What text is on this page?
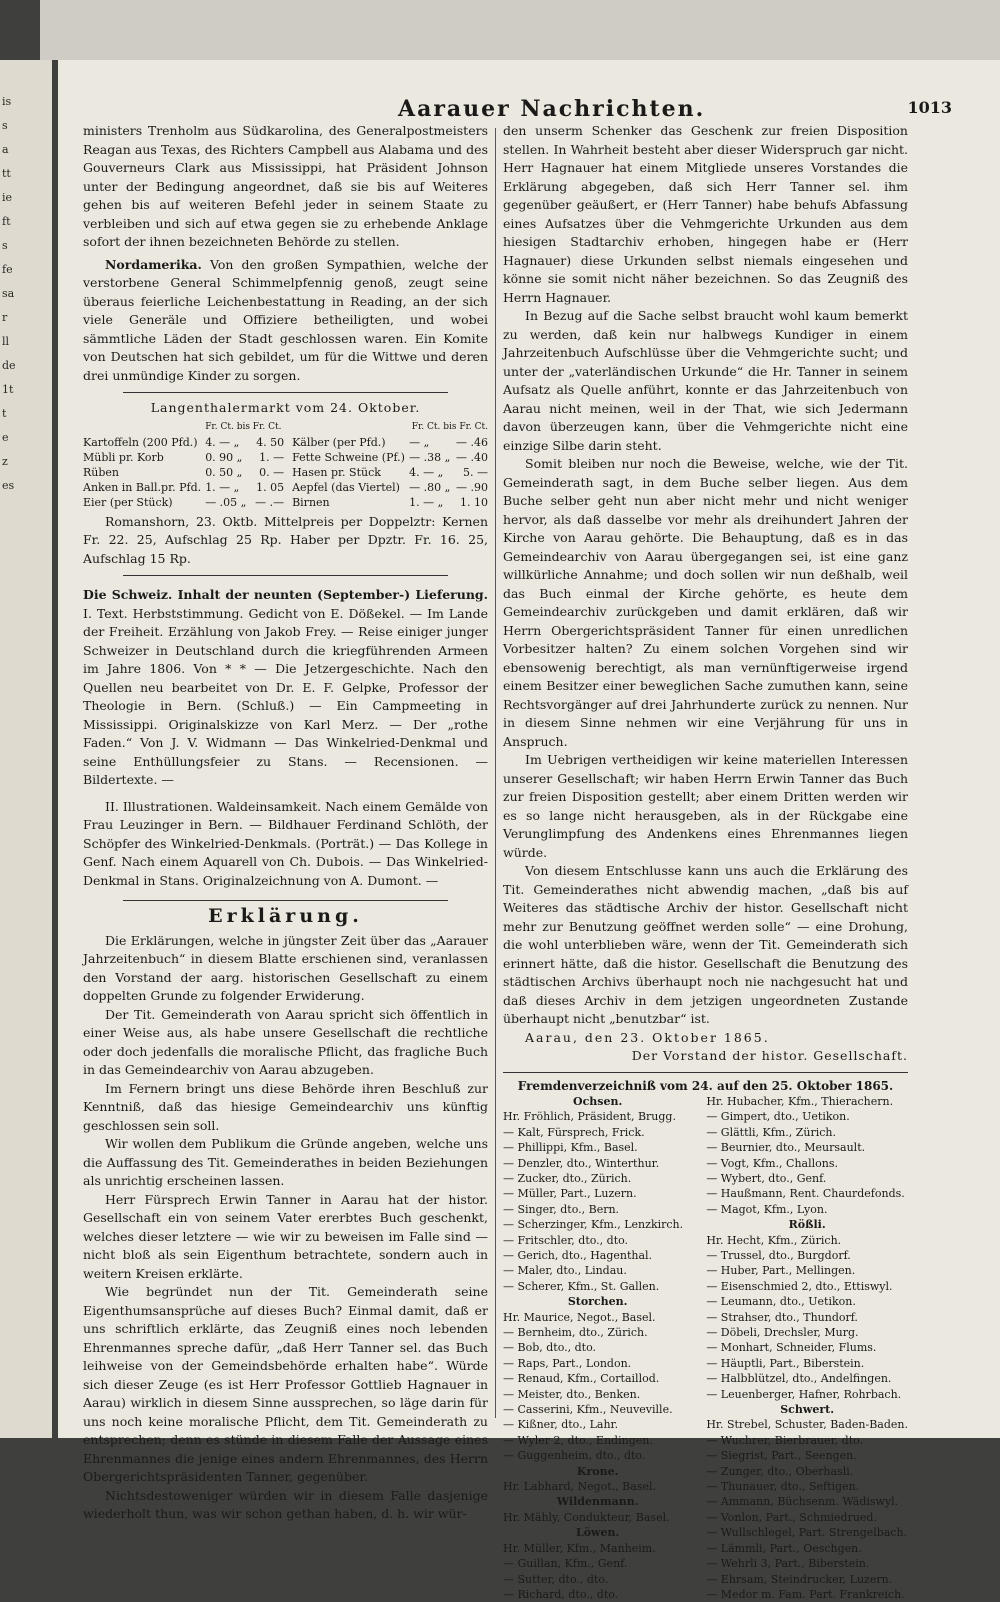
is
s
a
tt
ie
ft
s
fe
sa
r
ll
de
1t
t
e
z
es
Aarauer Nachrichten.	1013

ministers Trenholm aus Südkarolina, des Generalpostmeisters Reagan aus Texas, des Richters Campbell aus Alabama und des Gouverneurs Clark aus Mississippi, hat Präsident Johnson unter der Bedingung angeordnet, daß sie bis auf Weiteres gehen bis auf weiteren Befehl jeder in seinem Staate zu verbleiben und sich auf etwa gegen sie zu erhebende Anklage sofort der ihnen bezeichneten Behörde zu stellen.

Nordamerika. Von den großen Sympathien, welche der verstorbene General Schimmelpfennig genoß, zeugt seine überaus feierliche Leichenbestattung in Reading, an der sich viele Generäle und Offiziere betheiligten, und wobei sämmtliche Läden der Stadt geschlossen waren. Ein Komite von Deutschen hat sich gebildet, um für die Wittwe und deren drei unmündige Kinder zu sorgen.

Langenthalermarkt vom 24. Oktober.
	Fr. Ct. bis Fr. Ct.			Fr. Ct. bis Fr. Ct.	
Kartoffeln (200 Pfd.)	4. — „	4. 50	Kälber (per Pfd.)	— „	— .46
Mübli pr. Korb	0. 90 „	1. —	Fette Schweine (Pf.)	— .38 „	— .40
Rüben	0. 50 „	0. —	Hasen pr. Stück	4. — „	5. —
Anken in Ball.pr. Pfd.	1. — „	1. 05	Aepfel (das Viertel)	— .80 „	— .90
Eier (per Stück)	— .05 „	— .—	Birnen	1. — „	1. 10

Romanshorn, 23. Oktb. Mittelpreis per Doppelztr: Kernen Fr. 22. 25, Aufschlag 25 Rp. Haber per Dpztr. Fr. 16. 25, Aufschlag 15 Rp.

Die Schweiz. Inhalt der neunten (September-) Lieferung. I. Text. Herbststimmung. Gedicht von E. Dößekel. — Im Lande der Freiheit. Erzählung von Jakob Frey. — Reise einiger junger Schweizer in Deutschland durch die kriegführenden Armeen im Jahre 1806. Von * * — Die Jetzergeschichte. Nach den Quellen neu bearbeitet von Dr. E. F. Gelpke, Professor der Theologie in Bern. (Schluß.) — Ein Campmeeting in Mississippi. Originalskizze von Karl Merz. — Der „rothe Faden.“ Von J. V. Widmann — Das Winkelried-Denkmal und seine Enthüllungsfeier zu Stans. — Recensionen. — Bildertexte. —

II. Illustrationen. Waldeinsamkeit. Nach einem Gemälde von Frau Leuzinger in Bern. — Bildhauer Ferdinand Schlöth, der Schöpfer des Winkelried-Denkmals. (Porträt.) — Das Kollege in Genf. Nach einem Aquarell von Ch. Dubois. — Das Winkelried-Denkmal in Stans. Originalzeichnung von A. Dumont. —

Erklärung.

Die Erklärungen, welche in jüngster Zeit über das „Aarauer Jahrzeitenbuch“ in diesem Blatte erschienen sind, veranlassen den Vorstand der aarg. historischen Gesellschaft zu einem doppelten Grunde zu folgender Erwiderung.

Der Tit. Gemeinderath von Aarau spricht sich öffentlich in einer Weise aus, als habe unsere Gesellschaft die rechtliche oder doch jedenfalls die moralische Pflicht, das fragliche Buch in das Gemeindearchiv von Aarau abzugeben.

Im Fernern bringt uns diese Behörde ihren Beschluß zur Kenntniß, daß das hiesige Gemeindearchiv uns künftig geschlossen sein soll.

Wir wollen dem Publikum die Gründe angeben, welche uns die Auffassung des Tit. Gemeinderathes in beiden Beziehungen als unrichtig erscheinen lassen.

Herr Fürsprech Erwin Tanner in Aarau hat der histor. Gesellschaft ein von seinem Vater ererbtes Buch geschenkt, welches dieser letztere — wie wir zu beweisen im Falle sind — nicht bloß als sein Eigenthum betrachtete, sondern auch in weitern Kreisen erklärte.

Wie begründet nun der Tit. Gemeinderath seine Eigenthumsansprüche auf dieses Buch? Einmal damit, daß er uns schriftlich erklärte, das Zeugniß eines noch lebenden Ehrenmannes spreche dafür, „daß Herr Tanner sel. das Buch leihweise von der Gemeindsbehörde erhalten habe“. Würde sich dieser Zeuge (es ist Herr Professor Gottlieb Hagnauer in Aarau) wirklich in diesem Sinne aussprechen, so läge darin für uns noch keine moralische Pflicht, dem Tit. Gemeinderath zu entsprechen; denn es stünde in diesem Falle der Aussage eines Ehrenmannes die jenige eines andern Ehrenmannes, des Herrn Obergerichtspräsidenten Tanner, gegenüber.

Nichtsdestoweniger würden wir in diesem Falle dasjenige wiederholt thun, was wir schon gethan haben, d. h. wir wür-

den unserm Schenker das Geschenk zur freien Disposition stellen. In Wahrheit besteht aber dieser Widerspruch gar nicht. Herr Hagnauer hat einem Mitgliede unseres Vorstandes die Erklärung abgegeben, daß sich Herr Tanner sel. ihm gegenüber geäußert, er (Herr Tanner) habe behufs Abfassung eines Aufsatzes über die Vehmgerichte Urkunden aus dem hiesigen Stadtarchiv erhoben, hingegen habe er (Herr Hagnauer) diese Urkunden selbst niemals eingesehen und könne sie somit nicht näher bezeichnen. So das Zeugniß des Herrn Hagnauer.

In Bezug auf die Sache selbst braucht wohl kaum bemerkt zu werden, daß kein nur halbwegs Kundiger in einem Jahrzeitenbuch Aufschlüsse über die Vehmgerichte sucht; und unter der „vaterländischen Urkunde“ die Hr. Tanner in seinem Aufsatz als Quelle anführt, konnte er das Jahrzeitenbuch von Aarau nicht meinen, weil in der That, wie sich Jedermann davon überzeugen kann, über die Vehmgerichte nicht eine einzige Silbe darin steht.

Somit bleiben nur noch die Beweise, welche, wie der Tit. Gemeinderath sagt, in dem Buche selber liegen. Aus dem Buche selber geht nun aber nicht mehr und nicht weniger hervor, als daß dasselbe vor mehr als dreihundert Jahren der Kirche von Aarau gehörte. Die Behauptung, daß es in das Gemeindearchiv von Aarau übergegangen sei, ist eine ganz willkürliche Annahme; und doch sollen wir nun deßhalb, weil das Buch einmal der Kirche gehörte, es heute dem Gemeindearchiv zurückgeben und damit erklären, daß wir Herrn Obergerichtspräsident Tanner für einen unredlichen Vorbesitzer halten? Zu einem solchen Vorgehen sind wir ebensowenig berechtigt, als man vernünftigerweise irgend einem Besitzer einer beweglichen Sache zumuthen kann, seine Rechtsvorgänger auf drei Jahrhunderte zurück zu nennen. Nur in diesem Sinne nehmen wir eine Verjährung für uns in Anspruch.

Im Uebrigen vertheidigen wir keine materiellen Interessen unserer Gesellschaft; wir haben Herrn Erwin Tanner das Buch zur freien Disposition gestellt; aber einem Dritten werden wir es so lange nicht herausgeben, als in der Rückgabe eine Verunglimpfung des Andenkens eines Ehrenmannes liegen würde.

Von diesem Entschlusse kann uns auch die Erklärung des Tit. Gemeinderathes nicht abwendig machen, „daß bis auf Weiteres das städtische Archiv der histor. Gesellschaft nicht mehr zur Benutzung geöffnet werden solle“ — eine Drohung, die wohl unterblieben wäre, wenn der Tit. Gemeinderath sich erinnert hätte, daß die histor. Gesellschaft die Benutzung des städtischen Archivs überhaupt noch nie nachgesucht hat und daß dieses Archiv in dem jetzigen ungeordneten Zustande überhaupt nicht „benutzbar“ ist.

Aarau, den 23. Oktober 1865.

Der Vorstand der histor. Gesellschaft.

Fremdenverzeichniß vom 24. auf den 25. Oktober 1865.
Ochsen.
Hr. Fröhlich, Präsident, Brugg.
— Kalt, Fürsprech, Frick.
— Phillippi, Kfm., Basel.
— Denzler, dto., Winterthur.
— Zucker, dto., Zürich.
— Müller, Part., Luzern.
— Singer, dto., Bern.
— Scherzinger, Kfm., Lenzkirch.
— Fritschler, dto., dto.
— Gerich, dto., Hagenthal.
— Maler, dto., Lindau.
— Scherer, Kfm., St. Gallen.
Storchen.
Hr. Maurice, Negot., Basel.
— Bernheim, dto., Zürich.
— Bob, dto., dto.
— Raps, Part., London.
— Renaud, Kfm., Cortaillod.
— Meister, dto., Benken.
— Casserini, Kfm., Neuveville.
— Kißner, dto., Lahr.
— Wyler 2, dto., Endingen.
— Guggenheim, dto., dto.
Krone.
Hr. Labhard, Negot., Basel.
Wildenmann.
Hr. Mähly, Condukteur, Basel.
Löwen.
Hr. Müller, Kfm., Manheim.
— Guillan, Kfm., Genf.
— Sutter, dto., dto.
— Richard, dto., dto.
Hr. Hubacher, Kfm., Thierachern.
— Gimpert, dto., Uetikon.
— Glättli, Kfm., Zürich.
— Beurnier, dto., Meursault.
— Vogt, Kfm., Challons.
— Wybert, dto., Genf.
— Haußmann, Rent. Chaurdefonds.
— Magot, Kfm., Lyon.
Rößli.
Hr. Hecht, Kfm., Zürich.
— Trussel, dto., Burgdorf.
— Huber, Part., Mellingen.
— Eisenschmied 2, dto., Ettiswyl.
— Leumann, dto., Uetikon.
— Strahser, dto., Thundorf.
— Döbeli, Drechsler, Murg.
— Monhart, Schneider, Flums.
— Häuptli, Part., Biberstein.
— Halbblützel, dto., Andelfingen.
— Leuenberger, Hafner, Rohrbach.
Schwert.
Hr. Strebel, Schuster, Baden-Baden.
— Wuchrer, Bierbrauer, dto.
— Siegrist, Part., Seengen.
— Zunger, dto., Oberhasli.
— Thunauer, dto., Seftigen.
— Ammann, Büchsenm. Wädiswyl.
— Vonlon, Part., Schmiedrued.
— Wullschlegel, Part. Strengelbach.
— Lämmli, Part., Oeschgen.
— Wehrli 3, Part., Biberstein.
— Ehrsam, Steindrucker, Luzern.
— Medor m. Fam. Part. Frankreich.
